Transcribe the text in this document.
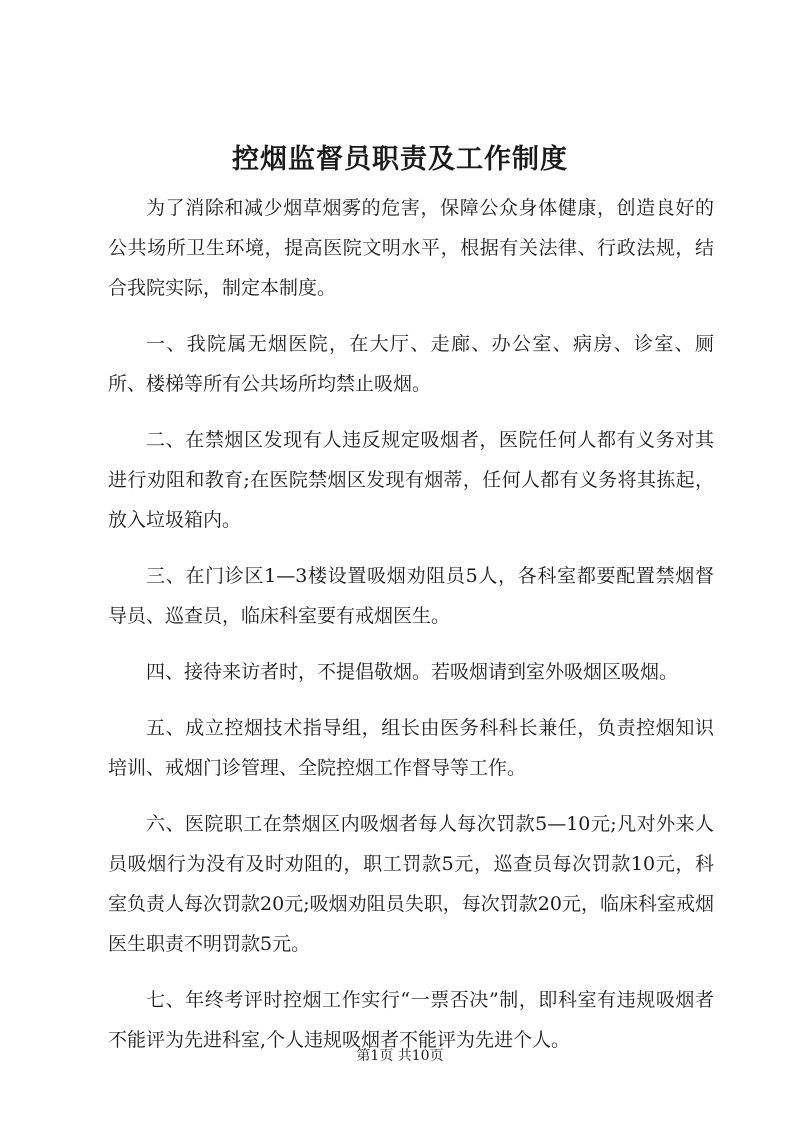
控烟监督员职责及工作制度

为了消除和减少烟草烟雾的危害，保障公众身体健康，创造良好的公共场所卫生环境，提高医院文明水平，根据有关法律、行政法规，结合我院实际，制定本制度。

一、我院属无烟医院，在大厅、走廊、办公室、病房、诊室、厕所、楼梯等所有公共场所均禁止吸烟。

二、在禁烟区发现有人违反规定吸烟者，医院任何人都有义务对其进行劝阻和教育;在医院禁烟区发现有烟蒂，任何人都有义务将其拣起，放入垃圾箱内。

三、在门诊区1—3楼设置吸烟劝阻员5人，各科室都要配置禁烟督导员、巡查员，临床科室要有戒烟医生。

四、接待来访者时，不提倡敬烟。若吸烟请到室外吸烟区吸烟。

五、成立控烟技术指导组，组长由医务科科长兼任，负责控烟知识培训、戒烟门诊管理、全院控烟工作督导等工作。

六、医院职工在禁烟区内吸烟者每人每次罚款5—10元;凡对外来人员吸烟行为没有及时劝阻的，职工罚款5元，巡查员每次罚款10元，科室负责人每次罚款20元;吸烟劝阻员失职，每次罚款20元，临床科室戒烟医生职责不明罚款5元。

七、年终考评时控烟工作实行“一票否决”制，即科室有违规吸烟者不能评为先进科室,个人违规吸烟者不能评为先进个人。

第1页 共10页
